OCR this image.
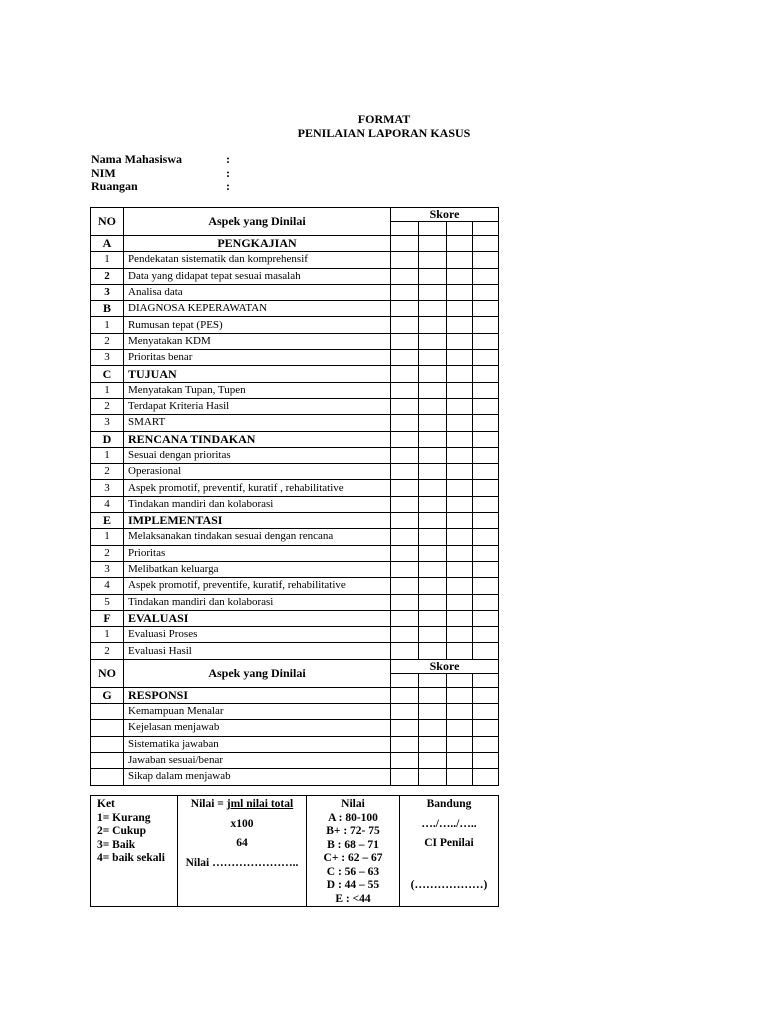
FORMAT
PENILAIAN LAPORAN KASUS
Nama Mahasiswa	:
NIM	:
Ruangan	:
NO	Aspek yang Dinilai	Skore			

A	PENGKAJIAN				
1	Pendekatan sistematik dan komprehensif				
2	Data yang didapat tepat sesuai masalah				
3	Analisa data				
B	DIAGNOSA KEPERAWATAN				
1	Rumusan tepat (PES)				
2	Menyatakan KDM				
3	Prioritas benar				
C	TUJUAN				
1	Menyatakan Tupan, Tupen				
2	Terdapat Kriteria Hasil				
3	SMART				
D	RENCANA TINDAKAN				
1	Sesuai dengan prioritas				
2	Operasional				
3	Aspek promotif, preventif, kuratif , rehabilitative				
4	Tindakan mandiri dan kolaborasi				
E	IMPLEMENTASI				
1	Melaksanakan tindakan sesuai dengan rencana				
2	Prioritas				
3	Melibatkan keluarga				
4	Aspek promotif, preventife, kuratif, rehabilitative				
5	Tindakan mandiri dan kolaborasi				
F	EVALUASI				
1	Evaluasi Proses				
2	Evaluasi Hasil				
NO	Aspek yang Dinilai	Skore			

G	RESPONSI				
	Kemampuan Menalar				
	Kejelasan menjawab				
	Sistematika jawaban				
	Jawaban sesuai/benar				
	Sikap dalam menjawab				
Ket
1= Kurang
2= Cukup
3= Baik
4= baik sekali

Nilai = jml nilai total
x100
64
Nilai …………………..

Nilai
A : 80-100
B+ : 72- 75
B : 68 – 71
C+ : 62 – 67
C : 56 – 63
D : 44 – 55
E : <44

Bandung
…./…../…..
CI Penilai
(………………)
